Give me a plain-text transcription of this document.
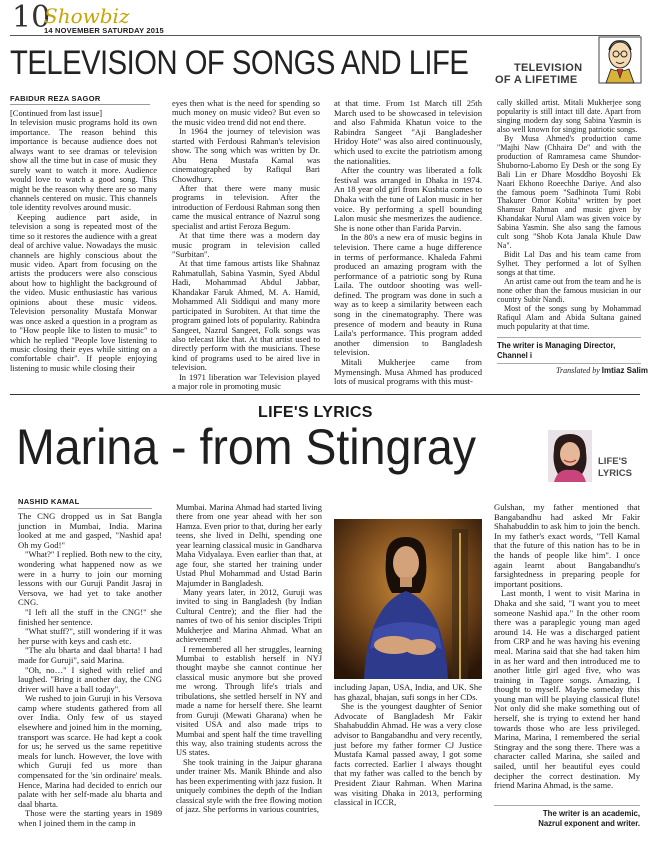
10
Showbiz
14 NOVEMBER SATURDAY 2015
TELEVISION OF SONGS AND LIFE	TELEVISION
OF A LIFETIME
FABIDUR REZA SAGOR

[Continued from last issue]

In television music programs hold its own importance. The reason behind this importance is because audience does not always want to see dramas or television show all the time but in case of music they surely want to watch it more. Audience would love to watch a good song. This might be the reason why there are so many channels centered on music. This channels tole identity revolves around music.

Keeping audience part aside, in television a song is repeated most of the time so it restores the audience with a great deal of archive value. Nowadays the music channels are highly conscious about the music video. Apart from focusing on the artists the producers were also conscious about how to highlight the background of the video. Music enthusiastic has various opinions about these music videos. Television personality Mustafa Monwar was once asked a question in a program as to "How people like to listen to music" to which he replied "People love listening to music closing their eyes while sitting on a comfortable chair". If people enjoying listening to music while closing their

eyes then what is the need for spending so much money on music video? But even so the music video trend did not end there.

In 1964 the journey of television was started with Ferdousi Rahman's television show. The song which was written by Dr. Abu Hena Mustafa Kamal was cinematographed by Rafiqul Bari Chowdhury.

After that there were many music programs in television. After the introduction of Ferdousi Rahman song then came the musical entrance of Nazrul song specialist and artist Feroza Begum.

At that time there was a modern day music program in television called "Surbitan".

At that time famous artists like Shahnaz Rahmatullah, Sabina Yasmin, Syed Abdul Hadi, Mohammad Abdul Jabbar, Khandakar Faruk Ahmed, M. A. Hamid, Mohammed Ali Siddiqui and many more participated in Surobiten. At that time the program gained lots of popularity. Rabindra Sangeet, Nazrul Sangeet, Folk songs was also telecast like that. At that artist used to directly perform with the musicians. These kind of programs used to be aired live in television.

In 1971 liberation war Television played a major role in promoting music

at that time. From 1st March till 25th March used to be showcased in television and also Fahmida Khatun voice to the Rabindra Sangeet "Aji Bangladesher Hridoy Hote" was also aired continuously, which used to excite the patriotism among the nationalities.

After the country was liberated a folk festival was arranged in Dhaka in 1974. An 18 year old girl from Kushtia comes to Dhaka with the tune of Lalon music in her voice. By performing a spell bounding Lalon music she mesmerizes the audience. She is none other than Farida Parvin.

In the 80's a new era of music begins in television. There came a huge difference in terms of performance. Khaleda Fahmi produced an amazing program with the performance of a patriotic song by Runa Laila. The outdoor shooting was well-defined. The program was done in such a way as to keep a similarity between each song in the cinematography. There was presence of modern and beauty in Runa Laila's performance. This program added another dimension to Bangladesh television.

Mitali Mukherjee came from Mymensingh. Musa Ahmed has produced lots of musical programs with this must-

cally skilled artist. Mitali Mukherjee song popularity is still intact till date. Apart from singing modern day song Sabina Yasmin is also well known for singing patriotic songs.

By Musa Ahmed's production came "Majhi Naw (Chhaira De" and with the production of Ramramesa came Shundor-Shuborno-Laborno Ey Desh or the song Ey Bali Lin er Dhare Mosddho Boyoshi Ek Naari Ekhono Roeechhe Dariye. And also the famous poem "Sadhinota Tumi Robi Thakurer Omor Kobita" written by poet Shamsur Rahman and music given by Khandakar Nurul Alam was given voice by Sabina Yasmin. She also sang the famous cult song "Shob Kota Janala Khule Daw Na".

Bidit Lal Das and his team came from Sylhet. They performed a lot of Sylhen songs at that time.

An artist came out from the team and he is none other than the famous musician in our country Subir Nandi.

Most of the songs sung by Mohammad Rafiqul Alam and Abida Sultana gained much popularity at that time.

The writer is Managing Director,
Channel i
Translated by Imtiaz Salim
LIFE'S LYRICS
Marina - from Stingray	LIFE'S
LYRICS
NASHID KAMAL

The CNG dropped us in Sat Bangla junction in Mumbai, India. Marina looked at me and gasped, "Nashid apa! Oh my God!"

"What?" I replied. Both new to the city, wondering what happened now as we were in a hurry to join our morning lessons with our Guruji Pandit Jasraj in Versova, we had yet to take another CNG.

"I left all the stuff in the CNG!" she finished her sentence.

"What stuff?", still wondering if it was her purse with keys and cash etc.

"The alu bharta and daal bharta! I had made for Guruji", said Marina.

"Oh, no…" I sighed with relief and laughed. "Bring it another day, the CNG driver will have a ball today".

We rushed to join Guruji in his Versova camp where students gathered from all over India. Only few of us stayed elsewhere and joined him in the morning, transport was scarce. He had kept a cook for us; he served us the same repetitive meals for lunch. However, the love with which Guruji fed us more than compensated for the 'sin ordinaire' meals. Hence, Marina had decided to enrich our palate with her self-made alu bharta and daal bharta.

Those were the starting years in 1989 when I joined them in the camp in

Mumbai. Marina Ahmad had started living there from one year ahead with her son Hamza. Even prior to that, during her early teens, she lived in Delhi, spending one year learning classical music in Gandharva Maha Vidyalaya. Even earlier than that, at age four, she started her training under Ustad Phul Mohammad and Ustad Barin Majumder in Bangladesh.

Many years later, in 2012, Guruji was invited to sing in Bangladesh (by Indian Cultural Centre); and the flier had the names of two of his senior disciples Tripti Mukherjee and Marina Ahmad. What an achievement!

I remembered all her struggles, learning Mumbai to establish herself in NYJ thought maybe she cannot continue her classical music anymore but she proved me wrong. Through life's trials and tribulations, she settled herself in NY and made a name for herself there. She learnt from Guruji (Mewati Gharana) when he visited USA and also made trips to Mumbai and spent half the time travelling this way, also training students across the US states.

She took training in the Jaipur gharana under trainer Ms. Manik Bhinde and also has been experimenting with jazz fusion. It uniquely combines the depth of the Indian classical style with the free flowing motion of jazz. She performs in various countries,

including Japan, USA, India, and UK. She has ghazal, bhajan, sufi songs in her CDs.

She is the youngest daughter of Senior Advocate of Bangladesh Mr Fakir Shahabuddin Ahmad. He was a very close advisor to Bangabandhu and very recently, just before my father former CJ Justice Mustafa Kamal passed away, I got some facts corrected. Earlier I always thought that my father was called to the bench by President Ziaur Rahman. When Marina was visiting Dhaka in 2013, performing classical in ICCR,

Gulshan, my father mentioned that Bangabandhu had asked Mr Fakir Shahabuddin to ask him to join the bench. In my father's exact words, "Tell Kamal that the future of this nation has to be in the hands of people like him". I once again learnt about Bangabandhu's farsightedness in preparing people for important positions.

Last month, I went to visit Marina in Dhaka and she said, "I want you to meet someone Nashid apa." In the other room there was a paraplegic young man aged around 14. He was a discharged patient from CRP and he was having his evening meal. Marina said that she had taken him in as her ward and then introduced me to another little girl aged five, who was training in Tagore songs. Amazing, I thought to myself. Maybe someday this young man will be playing classical flute! Not only did she make something out of herself, she is trying to extend her hand towards those who are less privileged. Marina, Marina, I remembered the serial Stingray and the song there. There was a character called Marina, she sailed and sailed, until her beautiful eyes could decipher the correct destination. My friend Marina Ahmad, is the same.

The writer is an academic,
Nazrul exponent and writer.
